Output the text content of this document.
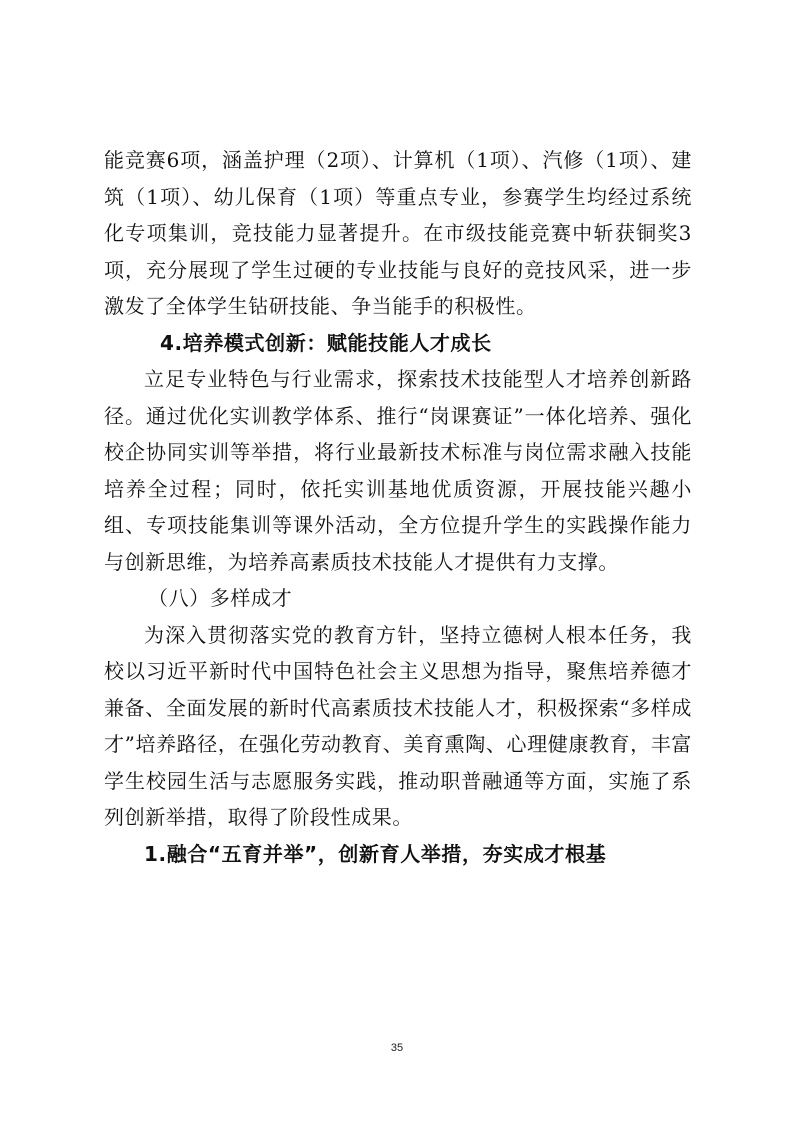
能竞赛6项，涵盖护理（2项）、计算机（1项）、汽修（1项）、建筑（1项）、幼儿保育（1项）等重点专业，参赛学生均经过系统化专项集训，竞技能力显著提升。在市级技能竞赛中斩获铜奖3项，充分展现了学生过硬的专业技能与良好的竞技风采，进一步激发了全体学生钻研技能、争当能手的积极性。

4.培养模式创新：赋能技能人才成长

立足专业特色与行业需求，探索技术技能型人才培养创新路径。通过优化实训教学体系、推行“岗课赛证”一体化培养、强化校企协同实训等举措，将行业最新技术标准与岗位需求融入技能培养全过程；同时，依托实训基地优质资源，开展技能兴趣小组、专项技能集训等课外活动，全方位提升学生的实践操作能力与创新思维，为培养高素质技术技能人才提供有力支撑。

（八）多样成才

为深入贯彻落实党的教育方针，坚持立德树人根本任务，我校以习近平新时代中国特色社会主义思想为指导，聚焦培养德才兼备、全面发展的新时代高素质技术技能人才，积极探索“多样成才”培养路径，在强化劳动教育、美育熏陶、心理健康教育，丰富学生校园生活与志愿服务实践，推动职普融通等方面，实施了系列创新举措，取得了阶段性成果。

1.融合“五育并举”，创新育人举措，夯实成才根基

35
